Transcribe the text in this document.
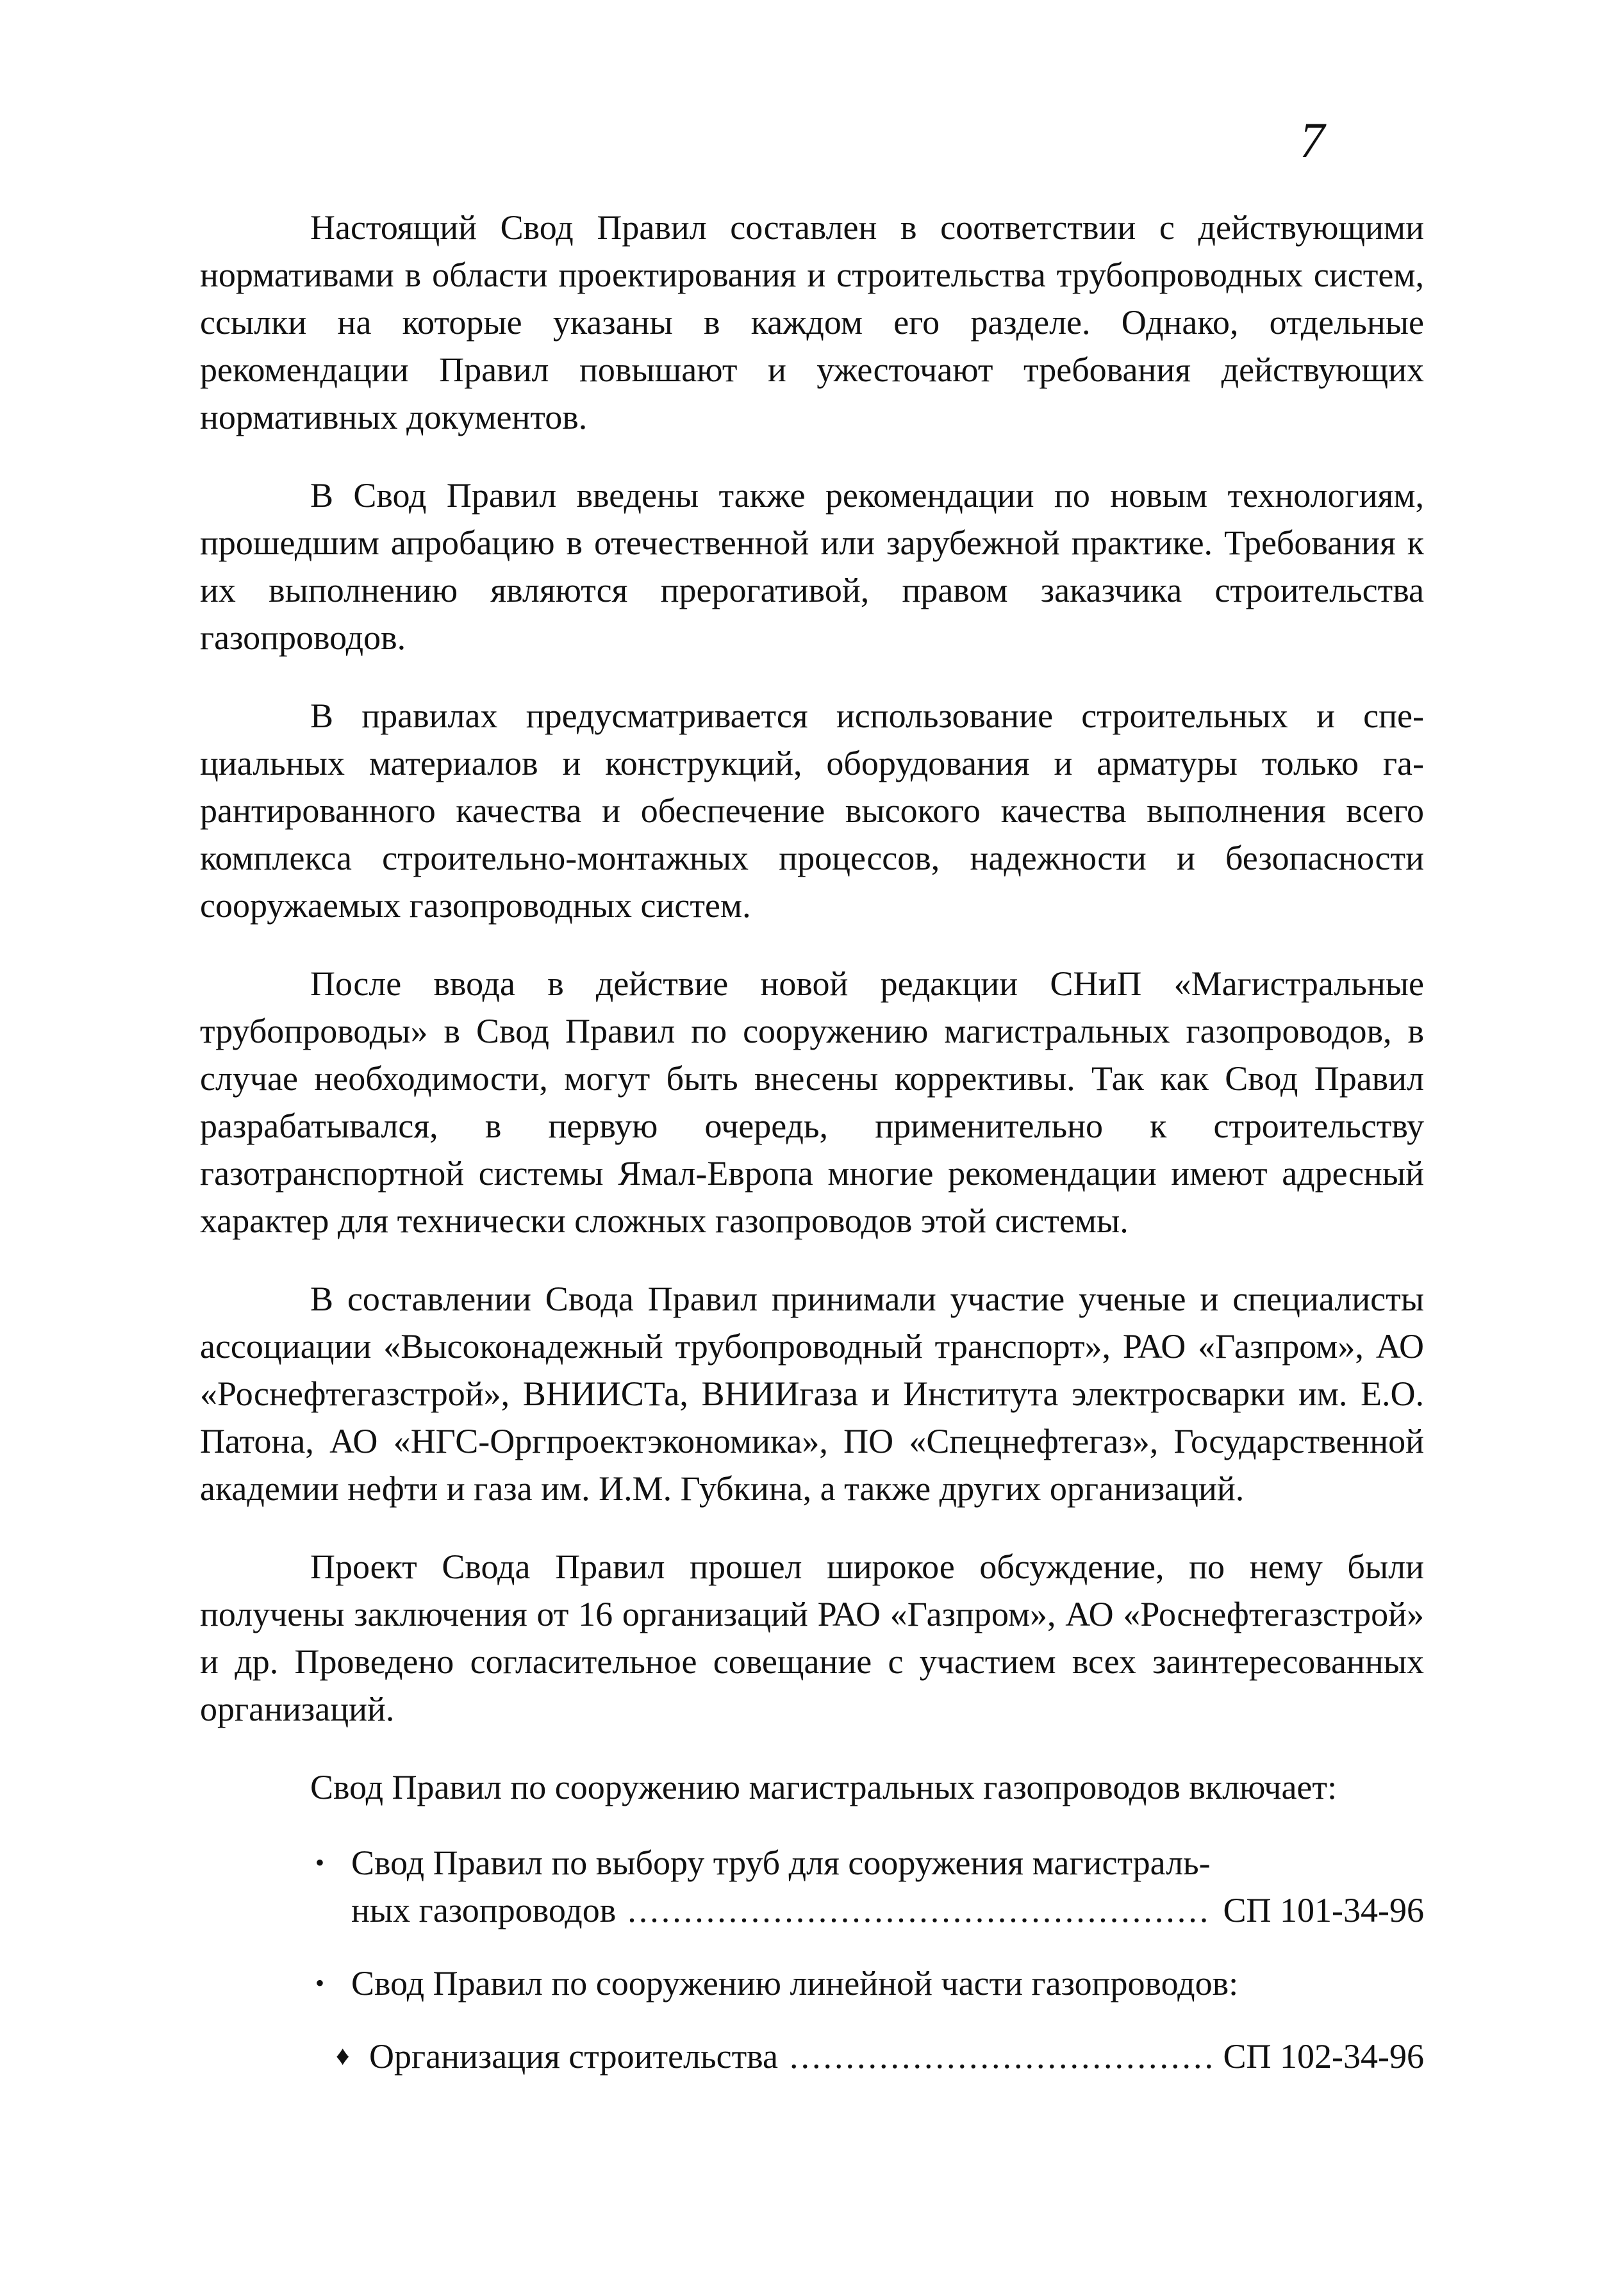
7

Настоящий Свод Правил составлен в соответствии с действующими нормативами в области проектирования и строительства трубопроводных систем, ссылки на которые указаны в каждом его разделе. Однако, отдельные рекомендации Правил повышают и ужесточают требования действующих нормативных документов.

В Свод Правил введены также рекомендации по новым технологиям, прошедшим апробацию в отечественной или зарубежной практике. Требования к их выполнению являются прерогативой, правом заказчика строительства газопроводов.

В правилах предусматривается использование строительных и специальных материалов и конструкций, оборудования и арматуры только гарантированного качества и обеспечение высокого качества выполнения всего комплекса строительно-монтажных процессов, надежности и безопасности сооружаемых газопроводных систем.

После ввода в действие новой редакции СНиП «Магистральные трубопроводы» в Свод Правил по сооружению магистральных газопроводов, в случае необходимости, могут быть внесены коррективы. Так как Свод Правил разрабатывался, в первую очередь, применительно к строительству газотранспортной системы Ямал-Европа многие рекомендации имеют адресный характер для технически сложных газопроводов этой системы.

В составлении Свода Правил принимали участие ученые и специалисты ассоциации «Высоконадежный трубопроводный транспорт», РАО «Газпром», АО «Роснефтегазстрой», ВНИИСТа, ВНИИгаза и Института электросварки им. Е.О. Патона, АО «НГС-Оргпроектэкономика», ПО «Спецнефтегаз», Государственной академии нефти и газа им. И.М. Губкина, а также других организаций.

Проект Свода Правил прошел широкое обсуждение, по нему были получены заключения от 16 организаций РАО «Газпром», АО «Роснефтегазстрой» и др. Проведено согласительное совещание с участием всех заинтересованных организаций.

Свод Правил по сооружению магистральных газопроводов включает:

• Свод Правил по выбору труб для сооружения магистраль-
ных газопроводов .....	СП 101-34-96
• Свод Правил по сооружению линейной части газопроводов:
♦ Организация строительства .....	СП 102-34-96
